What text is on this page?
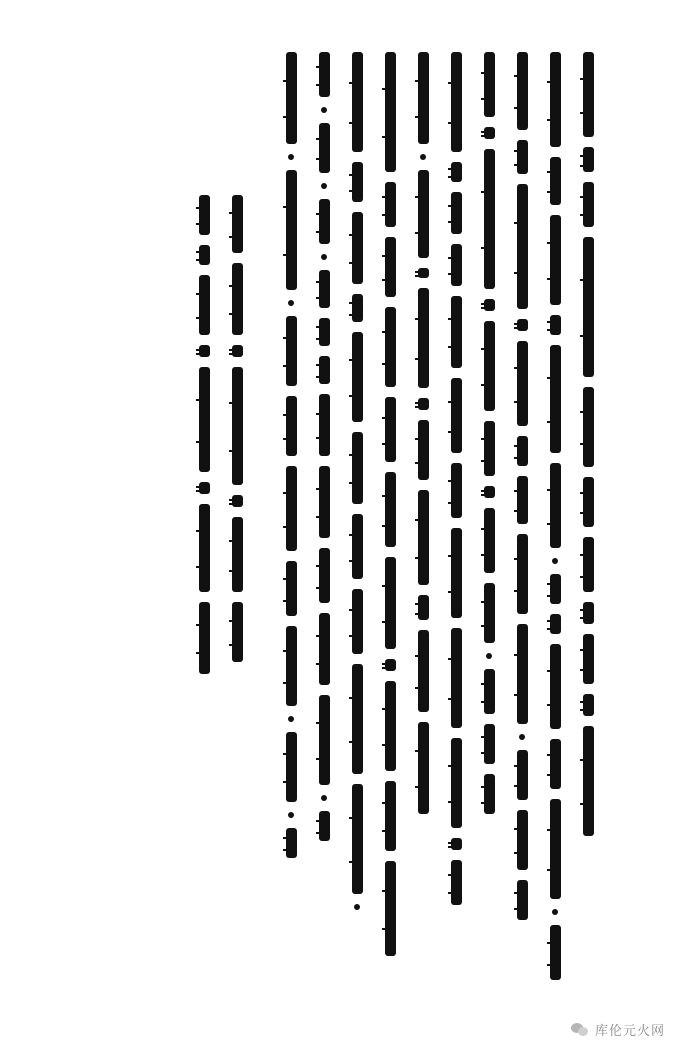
库伦元火网
